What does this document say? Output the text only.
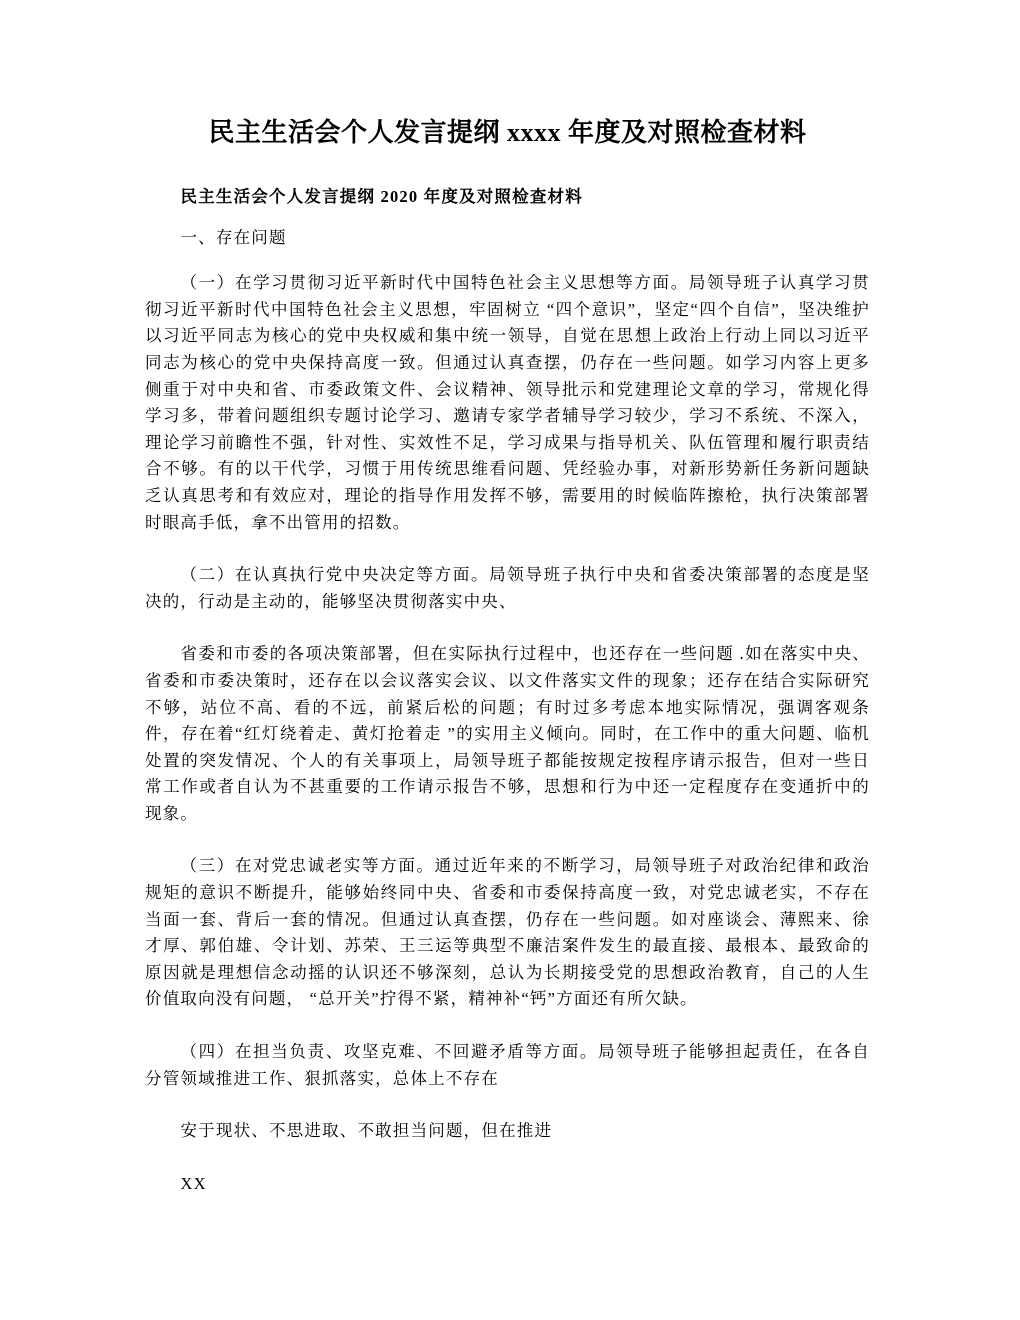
民主生活会个人发言提纲 xxxx 年度及对照检查材料

民主生活会个人发言提纲 2020 年度及对照检查材料

一、存在问题

（一）在学习贯彻习近平新时代中国特色社会主义思想等方面。局领导班子认真学习贯彻习近平新时代中国特色社会主义思想，牢固树立 “四个意识”，坚定“四个自信”，坚决维护以习近平同志为核心的党中央权威和集中统一领导，自觉在思想上政治上行动上同以习近平同志为核心的党中央保持高度一致。但通过认真查摆，仍存在一些问题。如学习内容上更多侧重于对中央和省、市委政策文件、会议精神、领导批示和党建理论文章的学习，常规化得学习多，带着问题组织专题讨论学习、邀请专家学者辅导学习较少，学习不系统、不深入，理论学习前瞻性不强，针对性、实效性不足，学习成果与指导机关、队伍管理和履行职责结合不够。有的以干代学，习惯于用传统思维看问题、凭经验办事，对新形势新任务新问题缺乏认真思考和有效应对，理论的指导作用发挥不够，需要用的时候临阵擦枪，执行决策部署时眼高手低，拿不出管用的招数。

（二）在认真执行党中央决定等方面。局领导班子执行中央和省委决策部署的态度是坚决的，行动是主动的，能够坚决贯彻落实中央、

省委和市委的各项决策部署，但在实际执行过程中，也还存在一些问题 .如在落实中央、省委和市委决策时，还存在以会议落实会议、以文件落实文件的现象；还存在结合实际研究不够，站位不高、看的不远，前紧后松的问题；有时过多考虑本地实际情况，强调客观条件，存在着“红灯绕着走、黄灯抢着走 ”的实用主义倾向。同时，在工作中的重大问题、临机处置的突发情况、个人的有关事项上，局领导班子都能按规定按程序请示报告，但对一些日常工作或者自认为不甚重要的工作请示报告不够，思想和行为中还一定程度存在变通折中的现象。

（三）在对党忠诚老实等方面。通过近年来的不断学习，局领导班子对政治纪律和政治规矩的意识不断提升，能够始终同中央、省委和市委保持高度一致，对党忠诚老实，不存在当面一套、背后一套的情况。但通过认真查摆，仍存在一些问题。如对座谈会、薄熙来、徐才厚、郭伯雄、令计划、苏荣、王三运等典型不廉洁案件发生的最直接、最根本、最致命的原因就是理想信念动摇的认识还不够深刻，总认为长期接受党的思想政治教育，自己的人生价值取向没有问题， “总开关”拧得不紧，精神补“钙”方面还有所欠缺。

（四）在担当负责、攻坚克难、不回避矛盾等方面。局领导班子能够担起责任，在各自分管领域推进工作、狠抓落实，总体上不存在

安于现状、不思进取、不敢担当问题，但在推进

XX
